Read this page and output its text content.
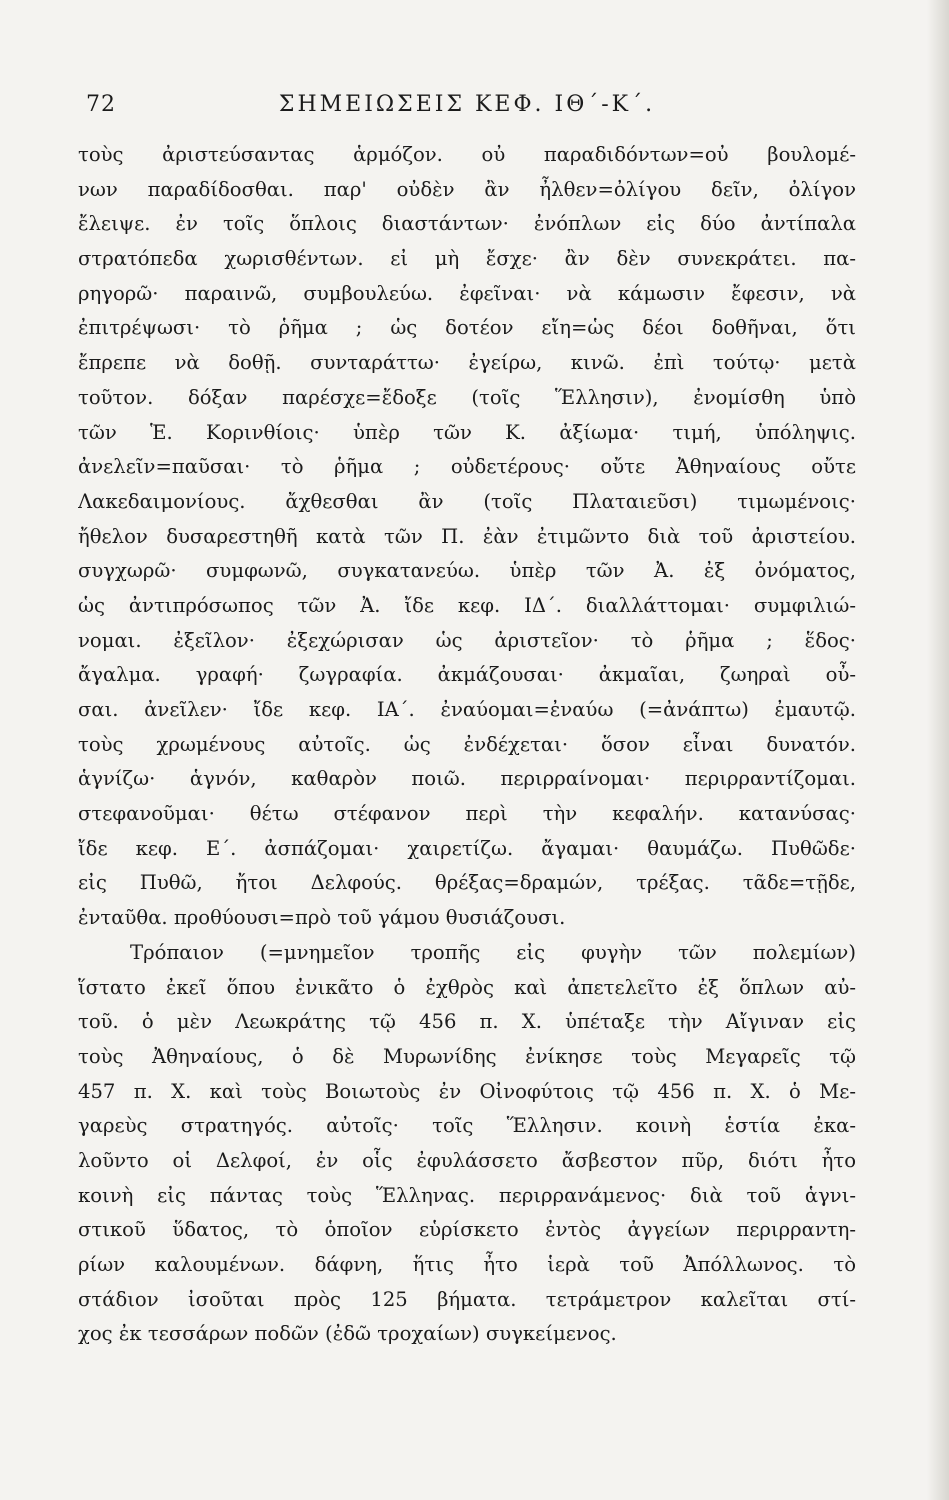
72	ΣΗΜΕΙΩΣΕΙΣ ΚΕΦ. ΙΘ΄-Κ΄.
τοὺς ἀριστεύσαντας ἁρμόζον. οὐ παραδιδόντων=οὐ βουλομέ-
νων παραδίδοσθαι. παρ' οὐδὲν ἂν ἦλθεν=ὀλίγου δεῖν, ὀλίγον
ἔλειψε. ἐν τοῖς ὅπλοις διαστάντων· ἐνόπλων εἰς δύο ἀντίπαλα
στρατόπεδα χωρισθέντων. εἰ μὴ ἔσχε· ἂν δὲν συνεκράτει. πα-
ρηγορῶ· παραινῶ, συμβουλεύω. ἐφεῖναι· νὰ κάμωσιν ἔφεσιν, νὰ
ἐπιτρέψωσι· τὸ ῥῆμα ; ὡς δοτέον εἴη=ὡς δέοι δοθῆναι, ὅτι
ἔπρεπε νὰ δοθῇ. συνταράττω· ἐγείρω, κινῶ. ἐπὶ τούτῳ· μετὰ
τοῦτον. δόξαν παρέσχε=ἔδοξε (τοῖς Ἕλλησιν), ἐνομίσθη ὑπὸ
τῶν Ἑ. Κορινθίοις· ὑπὲρ τῶν Κ. ἀξίωμα· τιμή, ὑπόληψις.
ἀνελεῖν=παῦσαι· τὸ ῥῆμα ; οὐδετέρους· οὔτε Ἀθηναίους οὔτε
Λακεδαιμονίους. ἄχθεσθαι ἂν (τοῖς Πλαταιεῦσι) τιμωμένοις·
ἤθελον δυσαρεστηθῆ κατὰ τῶν Π. ἐὰν ἐτιμῶντο διὰ τοῦ ἀριστείου.
συγχωρῶ· συμφωνῶ, συγκατανεύω. ὑπὲρ τῶν Ἀ. ἐξ ὀνόματος,
ὡς ἀντιπρόσωπος τῶν Ἀ. ἴδε κεφ. ΙΔ΄. διαλλάττομαι· συμφιλιώ-
νομαι. ἐξεῖλον· ἐξεχώρισαν ὡς ἀριστεῖον· τὸ ῥῆμα ; ἕδος·
ἄγαλμα. γραφή· ζωγραφία. ἀκμάζουσαι· ἀκμαῖαι, ζωηραὶ οὖ-
σαι. ἀνεῖλεν· ἴδε κεφ. ΙΑ΄. ἐναύομαι=ἐναύω (=ἀνάπτω) ἐμαυτῷ.
τοὺς χρωμένους αὐτοῖς. ὡς ἐνδέχεται· ὅσον εἶναι δυνατόν.
ἁγνίζω· ἁγνόν, καθαρὸν ποιῶ. περιρραίνομαι· περιρραντίζομαι.
στεφανοῦμαι· θέτω στέφανον περὶ τὴν κεφαλήν. κατανύσας·
ἴδε κεφ. Ε΄. ἀσπάζομαι· χαιρετίζω. ἄγαμαι· θαυμάζω. Πυθῶδε·
εἰς Πυθῶ, ἤτοι Δελφούς. θρέξας=δραμών, τρέξας. τᾶδε=τῇδε,
ἐνταῦθα. προθύουσι=πρὸ τοῦ γάμου θυσιάζουσι.
Τρόπαιον (=μνημεῖον τροπῆς εἰς φυγὴν τῶν πολεμίων)
ἵστατο ἐκεῖ ὅπου ἐνικᾶτο ὁ ἐχθρὸς καὶ ἀπετελεῖτο ἐξ ὅπλων αὐ-
τοῦ. ὁ μὲν Λεωκράτης τῷ 456 π. Χ. ὑπέταξε τὴν Αἴγιναν εἰς
τοὺς Ἀθηναίους, ὁ δὲ Μυρωνίδης ἐνίκησε τοὺς Μεγαρεῖς τῷ
457 π. Χ. καὶ τοὺς Βοιωτοὺς ἐν Οἰνοφύτοις τῷ 456 π. Χ. ὁ Με-
γαρεὺς στρατηγός. αὐτοῖς· τοῖς Ἕλλησιν. κοινὴ ἑστία ἐκα-
λοῦντο οἱ Δελφοί, ἐν οἷς ἐφυλάσσετο ἄσβεστον πῦρ, διότι ἦτο
κοινὴ εἰς πάντας τοὺς Ἕλληνας. περιρρανάμενος· διὰ τοῦ ἁγνι-
στικοῦ ὕδατος, τὸ ὁποῖον εὑρίσκετο ἐντὸς ἀγγείων περιρραντη-
ρίων καλουμένων. δάφνη, ἥτις ἦτο ἱερὰ τοῦ Ἀπόλλωνος. τὸ
στάδιον ἰσοῦται πρὸς 125 βήματα. τετράμετρον καλεῖται στί-
χος ἐκ τεσσάρων ποδῶν (ἐδῶ τροχαίων) συγκείμενος.
